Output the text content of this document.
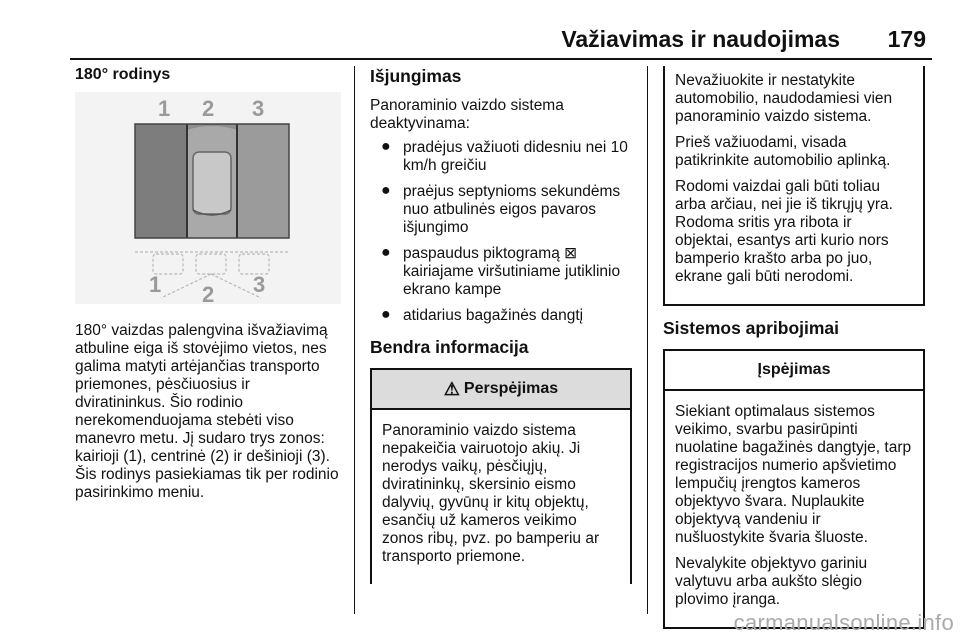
Važiavimas ir naudojimas 179
180° rodinys
1 2 3
1 2 3

180° vaizdas palengvina išvažiavimą atbuline eiga iš stovėjimo vietos, nes galima matyti artėjančias transporto priemones, pėsčiuosius ir dviratininkus. Šio rodinio nerekomenduojama stebėti viso manevro metu. Jį sudaro trys zonos: kairioji (1), centrinė (2) ir dešinioji (3). Šis rodinys pasiekiamas tik per rodinio pasirinkimo meniu.

Išjungimas

Panoraminio vaizdo sistema deaktyvinama:

● pradėjus važiuoti didesniu nei 10 km/h greičiu
● praėjus septynioms sekundėms nuo atbulinės eigos pavaros išjungimo
● paspaudus piktogramą ⊠ kairiajame viršutiniame jutiklinio ekrano kampe
● atidarius bagažinės dangtį
Bendra informacija
⚠ Perspėjimas

Panoraminio vaizdo sistema nepakeičia vairuotojo akių. Ji nerodys vaikų, pėsčiųjų, dviratininkų, skersinio eismo dalyvių, gyvūnų ir kitų objektų, esančių už kameros veikimo zonos ribų, pvz. po bamperiu ar transporto priemone.

Nevažiuokite ir nestatykite automobilio, naudodamiesi vien panoraminio vaizdo sistema.

Prieš važiuodami, visada patikrinkite automobilio aplinką.

Rodomi vaizdai gali būti toliau arba arčiau, nei jie iš tikrųjų yra. Rodoma sritis yra ribota ir objektai, esantys arti kurio nors bamperio krašto arba po juo, ekrane gali būti nerodomi.

Sistemos apribojimai
Įspėjimas

Siekiant optimalaus sistemos veikimo, svarbu pasirūpinti nuolatine bagažinės dangtyje, tarp registracijos numerio apšvietimo lempučių įrengtos kameros objektyvo švara. Nuplaukite objektyvą vandeniu ir nušluostykite švaria šluoste.

Nevalykite objektyvo gariniu valytuvu arba aukšto slėgio plovimo įranga.

carmanualsonline.info
